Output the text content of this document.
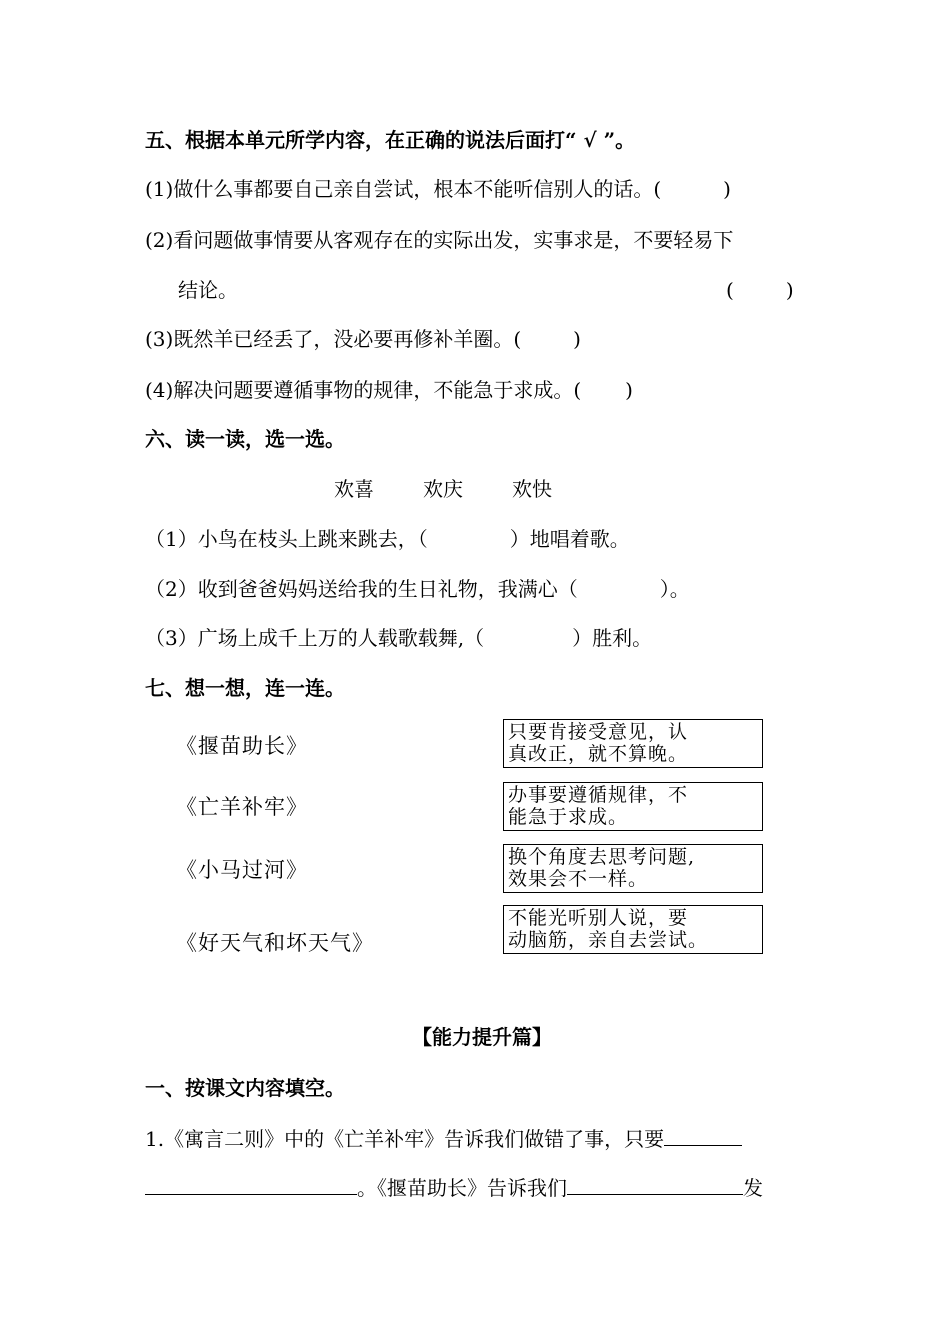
五、根据本单元所学内容，在正确的说法后面打“ √ ”。
(1)做什么事都要自己亲自尝试，根本不能听信别人的话。(	)
(2)看问题做事情要从客观存在的实际出发，实事求是，不要轻易下
结论。	(	)
(3)既然羊已经丢了，没必要再修补羊圈。(	)
(4)解决问题要遵循事物的规律，不能急于求成。( )
六、读一读，选一选。
欢喜 欢庆 欢快
（1）小鸟在枝头上跳来跳去，（	）地唱着歌。
（2）收到爸爸妈妈送给我的生日礼物，我满心（	）。
（3）广场上成千上万的人载歌载舞,（	）胜利。
七、想一想，连一连。
《揠苗助长》
《亡羊补牢》
《小马过河》
《好天气和坏天气》
只要肯接受意见，认
真改正，就不算晚。
办事要遵循规律，不
能急于求成。
换个角度去思考问题,
效果会不一样。
不能光听别人说，要
动脑筋，亲自去尝试。
【能力提升篇】
一、按课文内容填空。
1.《寓言二则》中的《亡羊补牢》告诉我们做错了事，只要
。《揠苗助长》告诉我们	发
